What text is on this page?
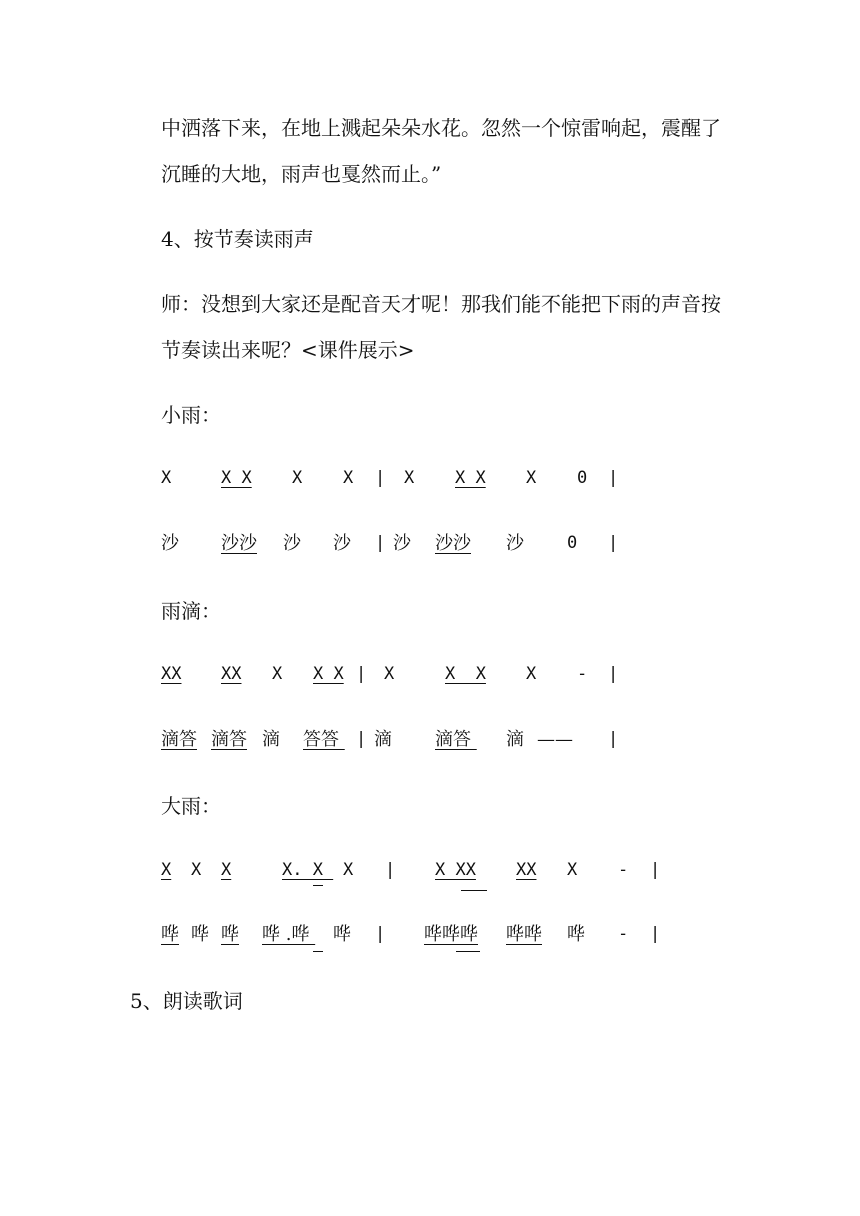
中洒落下来，在地上溅起朵朵水花。忽然一个惊雷响起，震醒了
沉睡的大地，雨声也戛然而止。”
4、按节奏读雨声
师：没想到大家还是配音天才呢！那我们能不能把下雨的声音按
节奏读出来呢？<课件展示>
小雨：
X	X X X X | X X X X 0 |
沙 沙沙 沙 沙 | 沙 沙沙 沙	0 |
雨滴：
XX XX X X X | X	X  X X - |
滴答 滴答 滴 答答 | 滴 滴答 滴 —— |
大雨：
X X X	X. X X | X XX XX X - |
哗 哗 哗 哗 .哗 哗 | 哗哗哗 哗哗 哗 - |
5、朗读歌词
